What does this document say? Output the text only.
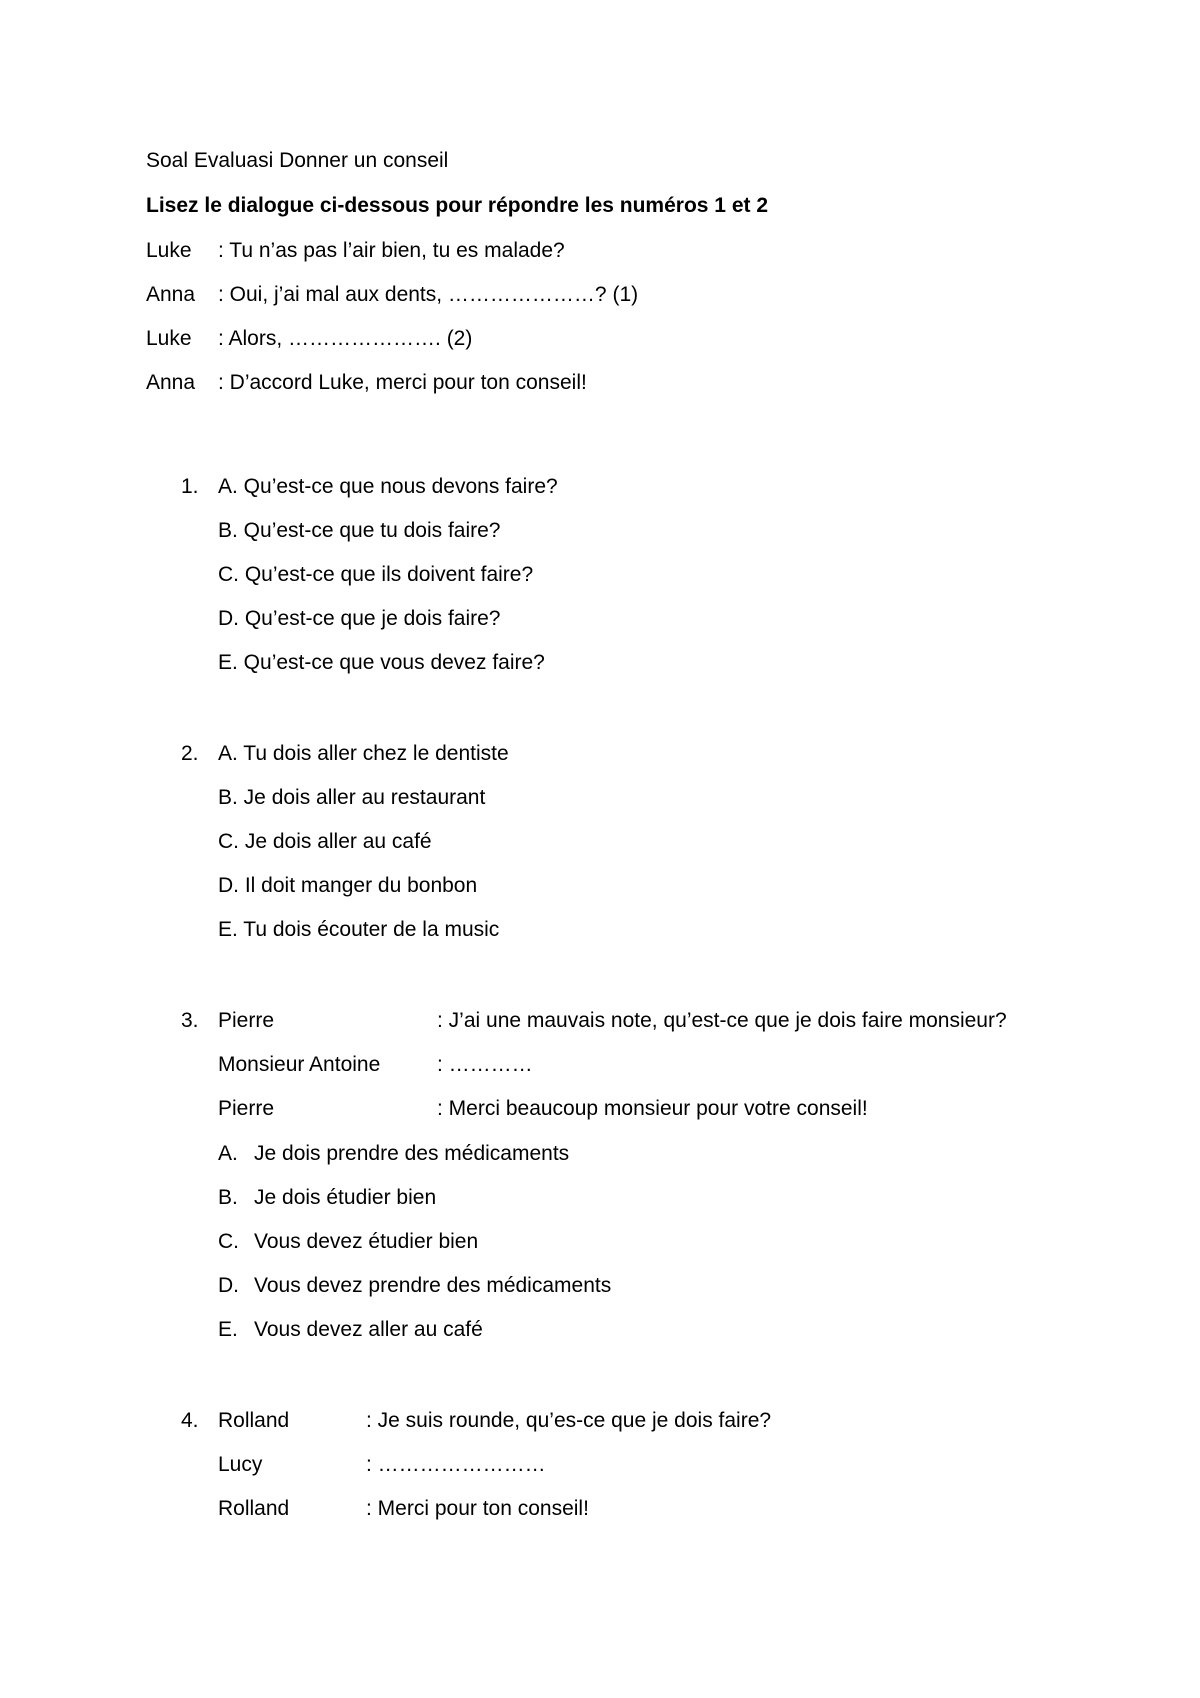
Soal Evaluasi Donner un conseil
Lisez le dialogue ci-dessous pour répondre les numéros 1 et 2
Luke : Tu n’as pas l’air bien, tu es malade?
Anna : Oui, j’ai mal aux dents, …………………? (1)
Luke : Alors, …………………. (2)
Anna : D’accord Luke, merci pour ton conseil!
1. A. Qu’est-ce que nous devons faire?
B. Qu’est-ce que tu dois faire?
C. Qu’est-ce que ils doivent faire?
D. Qu’est-ce que je dois faire?
E. Qu’est-ce que vous devez faire?
2. A. Tu dois aller chez le dentiste
B. Je dois aller au restaurant
C. Je dois aller au café
D. Il doit manger du bonbon
E. Tu dois écouter de la music
3. Pierre	: J’ai une mauvais note, qu’est-ce que je dois faire monsieur?
Monsieur Antoine	: …………
Pierre	: Merci beaucoup monsieur pour votre conseil!
A. Je dois prendre des médicaments
B. Je dois étudier bien
C. Vous devez étudier bien
D. Vous devez prendre des médicaments
E. Vous devez aller au café
4. Rolland	: Je suis rounde, qu’es-ce que je dois faire?
Lucy	: ……………………
Rolland	: Merci pour ton conseil!
